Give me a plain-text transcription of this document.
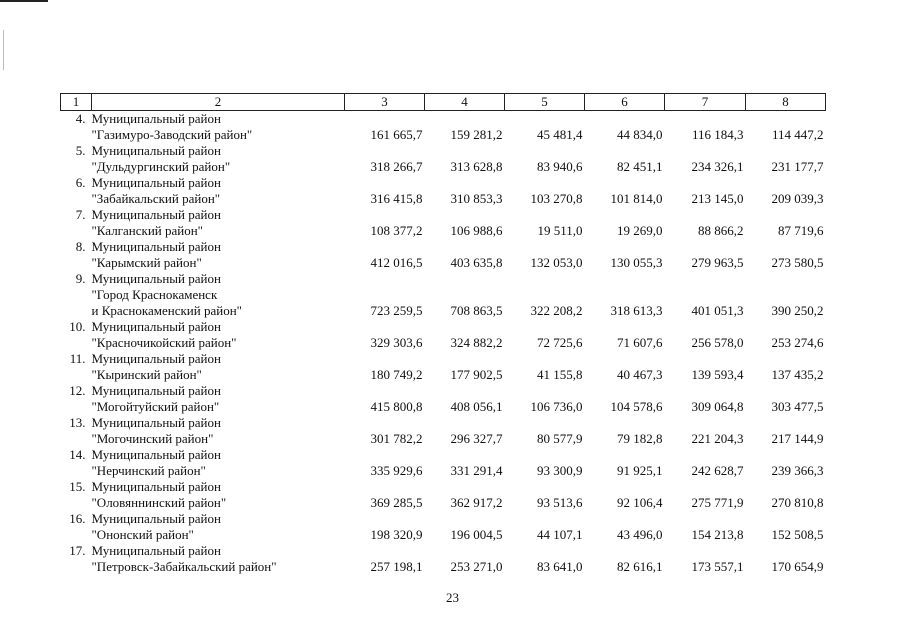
1	2	3	4	5	6	7	8
4.	Муниципальный район						
	"Газимуро-Заводский район"	161 665,7	159 281,2	45 481,4	44 834,0	116 184,3	114 447,2
5.	Муниципальный район						
	"Дульдургинский район"	318 266,7	313 628,8	83 940,6	82 451,1	234 326,1	231 177,7
6.	Муниципальный район						
	"Забайкальский район"	316 415,8	310 853,3	103 270,8	101 814,0	213 145,0	209 039,3
7.	Муниципальный район						
	"Калганский район"	108 377,2	106 988,6	19 511,0	19 269,0	88 866,2	87 719,6
8.	Муниципальный район						
	"Карымский район"	412 016,5	403 635,8	132 053,0	130 055,3	279 963,5	273 580,5
9.	Муниципальный район						
	"Город Краснокаменск						
	и Краснокаменский район"	723 259,5	708 863,5	322 208,2	318 613,3	401 051,3	390 250,2
10.	Муниципальный район						
	"Красночикойский район"	329 303,6	324 882,2	72 725,6	71 607,6	256 578,0	253 274,6
11.	Муниципальный район						
	"Кыринский район"	180 749,2	177 902,5	41 155,8	40 467,3	139 593,4	137 435,2
12.	Муниципальный район						
	"Могойтуйский район"	415 800,8	408 056,1	106 736,0	104 578,6	309 064,8	303 477,5
13.	Муниципальный район						
	"Могочинский район"	301 782,2	296 327,7	80 577,9	79 182,8	221 204,3	217 144,9
14.	Муниципальный район						
	"Нерчинский район"	335 929,6	331 291,4	93 300,9	91 925,1	242 628,7	239 366,3
15.	Муниципальный район						
	"Оловяннинский район"	369 285,5	362 917,2	93 513,6	92 106,4	275 771,9	270 810,8
16.	Муниципальный район						
	"Ононский район"	198 320,9	196 004,5	44 107,1	43 496,0	154 213,8	152 508,5
17.	Муниципальный район						
	"Петровск-Забайкальский район"	257 198,1	253 271,0	83 641,0	82 616,1	173 557,1	170 654,9
23
